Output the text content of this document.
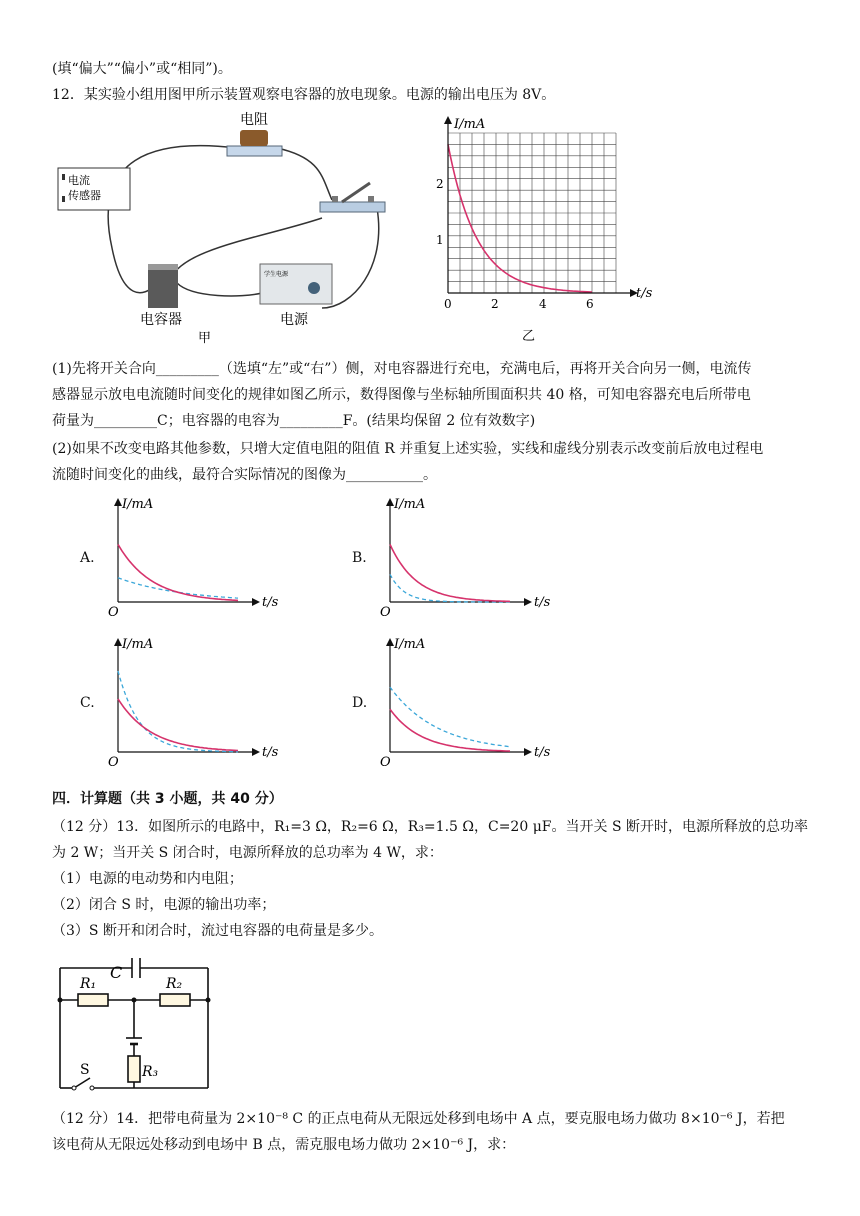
(填“偏大”“偏小”或“相同”)。
12．某实验小组用图甲所示装置观察电容器的放电现象。电源的输出电压为 8V。
电阻
电流
传感器
电容器
学生电源
电源
甲
I/mA
t/s
1
2
0	2	4	6
乙
(1)先将开关合向_________（选填“左”或“右”）侧，对电容器进行充电，充满电后，再将开关合向另一侧，电流传
感器显示放电电流随时间变化的规律如图乙所示，数得图像与坐标轴所围面积共 40 格，可知电容器充电后所带电
荷量为_________C；电容器的电容为_________F。(结果均保留 2 位有效数字)
(2)如果不改变电路其他参数，只增大定值电阻的阻值 R 并重复上述实验，实线和虚线分别表示改变前后放电过程电
流随时间变化的曲线，最符合实际情况的图像为___________。
A.	B.
C.	D.
I/mA
t/s
O
I/mA
t/s
O
I/mA
t/s
O
I/mA
t/s
O
四．计算题（共 3 小题，共 40 分）
（12 分）13．如图所示的电路中，R₁=3 Ω，R₂=6 Ω，R₃=1.5 Ω，C=20 μF。当开关 S 断开时，电源所释放的总功率
为 2 W；当开关 S 闭合时，电源所释放的总功率为 4 W，求：
（1）电源的电动势和内电阻；
（2）闭合 S 时，电源的输出功率；
（3）S 断开和闭合时，流过电容器的电荷量是多少。
C
R₁	R₂
R₃
S
（12 分）14．把带电荷量为 2×10⁻⁸ C 的正点电荷从无限远处移到电场中 A 点，要克服电场力做功 8×10⁻⁶ J，若把
该电荷从无限远处移动到电场中 B 点，需克服电场力做功 2×10⁻⁶ J，求：
